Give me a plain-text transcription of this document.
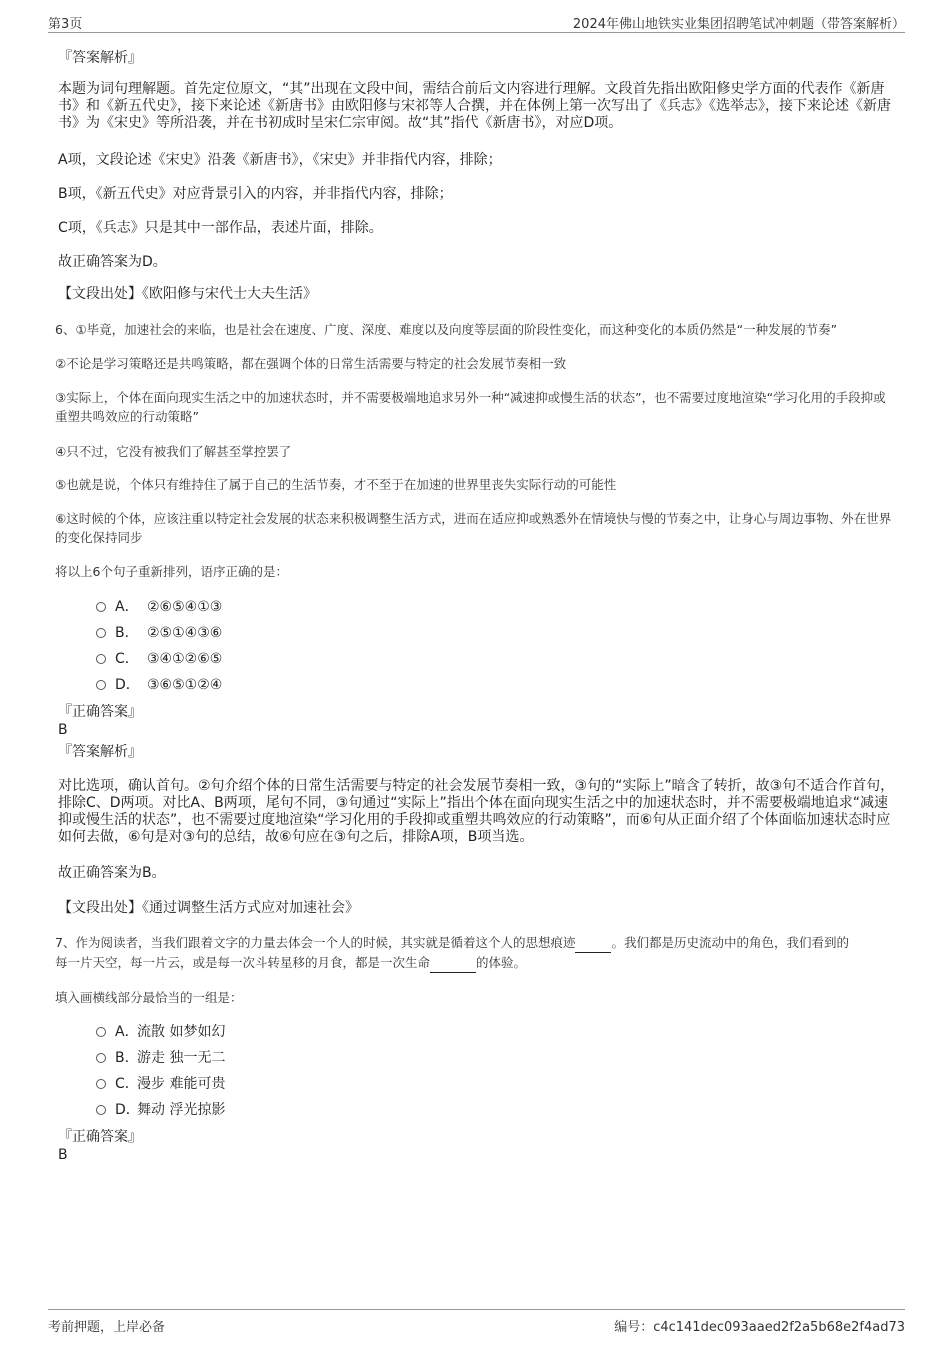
第3页	2024年佛山地铁实业集团招聘笔试冲刺题（带答案解析）
『答案解析』
本题为词句理解题。首先定位原文，“其”出现在文段中间，需结合前后文内容进行理解。文段首先指出欧阳修史学方面的代表作《新唐书》和《新五代史》，接下来论述《新唐书》由欧阳修与宋祁等人合撰，并在体例上第一次写出了《兵志》《选举志》，接下来论述《新唐书》为《宋史》等所沿袭，并在书初成时呈宋仁宗审阅。故“其”指代《新唐书》，对应D项。
A项，文段论述《宋史》沿袭《新唐书》，《宋史》并非指代内容，排除；
B项，《新五代史》对应背景引入的内容，并非指代内容，排除；
C项，《兵志》只是其中一部作品，表述片面，排除。
故正确答案为D。
【文段出处】《欧阳修与宋代士大夫生活》
6、①毕竟，加速社会的来临，也是社会在速度、广度、深度、难度以及向度等层面的阶段性变化，而这种变化的本质仍然是“一种发展的节奏”
②不论是学习策略还是共鸣策略，都在强调个体的日常生活需要与特定的社会发展节奏相一致
③实际上，个体在面向现实生活之中的加速状态时，并不需要极端地追求另外一种“减速抑或慢生活的状态”，也不需要过度地渲染“学习化用的手段抑或重塑共鸣效应的行动策略”
④只不过，它没有被我们了解甚至掌控罢了
⑤也就是说，个体只有维持住了属于自己的生活节奏，才不至于在加速的世界里丧失实际行动的可能性
⑥这时候的个体，应该注重以特定社会发展的状态来积极调整生活方式，进而在适应抑或熟悉外在情境快与慢的节奏之中，让身心与周边事物、外在世界的变化保持同步
将以上6个句子重新排列，语序正确的是：
A． ②⑥⑤④①③
B． ②⑤①④③⑥
C． ③④①②⑥⑤
D． ③⑥⑤①②④
『正确答案』
B
『答案解析』
对比选项，确认首句。②句介绍个体的日常生活需要与特定的社会发展节奏相一致，③句的“实际上”暗含了转折，故③句不适合作首句，排除C、D两项。对比A、B两项，尾句不同，③句通过“实际上”指出个体在面向现实生活之中的加速状态时，并不需要极端地追求“减速抑或慢生活的状态”，也不需要过度地渲染“学习化用的手段抑或重塑共鸣效应的行动策略”，而⑥句从正面介绍了个体面临加速状态时应如何去做，⑥句是对③句的总结，故⑥句应在③句之后，排除A项，B项当选。
故正确答案为B。
【文段出处】《通过调整生活方式应对加速社会》
7、作为阅读者，当我们跟着文字的力量去体会一个人的时候，其实就是循着这个人的思想痕迹	。我们都是历史流动中的角色，我们看到的
每一片天空，每一片云，或是每一次斗转星移的月食，都是一次生命	的体验。
填入画横线部分最恰当的一组是：
A．流散 如梦如幻
B．游走 独一无二
C．漫步 难能可贵
D．舞动 浮光掠影
『正确答案』
B
考前押题，上岸必备	编号：c4c141dec093aaed2f2a5b68e2f4ad73
